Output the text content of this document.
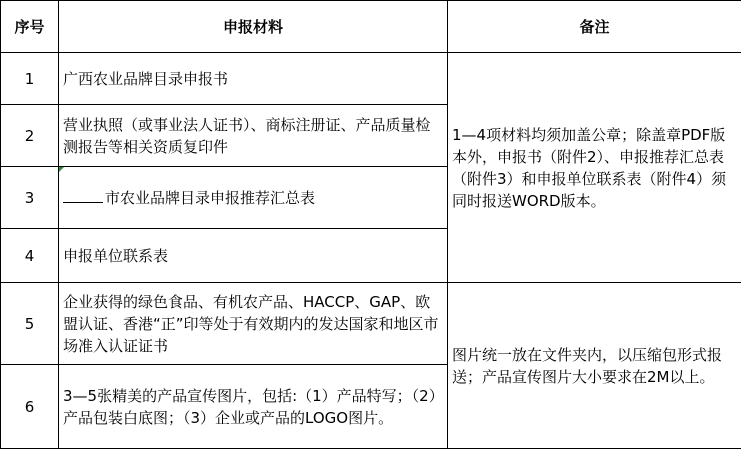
序号	申报材料	备注
1	广西农业品牌目录申报书	1—4项材料均须加盖公章；除盖章PDF版本外，申报书（附件2）、申报推荐汇总表（附件3）和申报单位联系表（附件4）须同时报送WORD版本。
2	营业执照（或事业法人证书）、商标注册证、产品质量检测报告等相关资质复印件	
3	市农业品牌目录申报推荐汇总表	
4	申报单位联系表	
5	企业获得的绿色食品、有机农产品、HACCP、GAP、欧盟认证、香港“正”印等处于有效期内的发达国家和地区市场准入认证证书	图片统一放在文件夹内，以压缩包形式报送；产品宣传图片大小要求在2M以上。
6	3—5张精美的产品宣传图片，包括:（1）产品特写；（2）产品包装白底图；（3）企业或产品的LOGO图片。	
